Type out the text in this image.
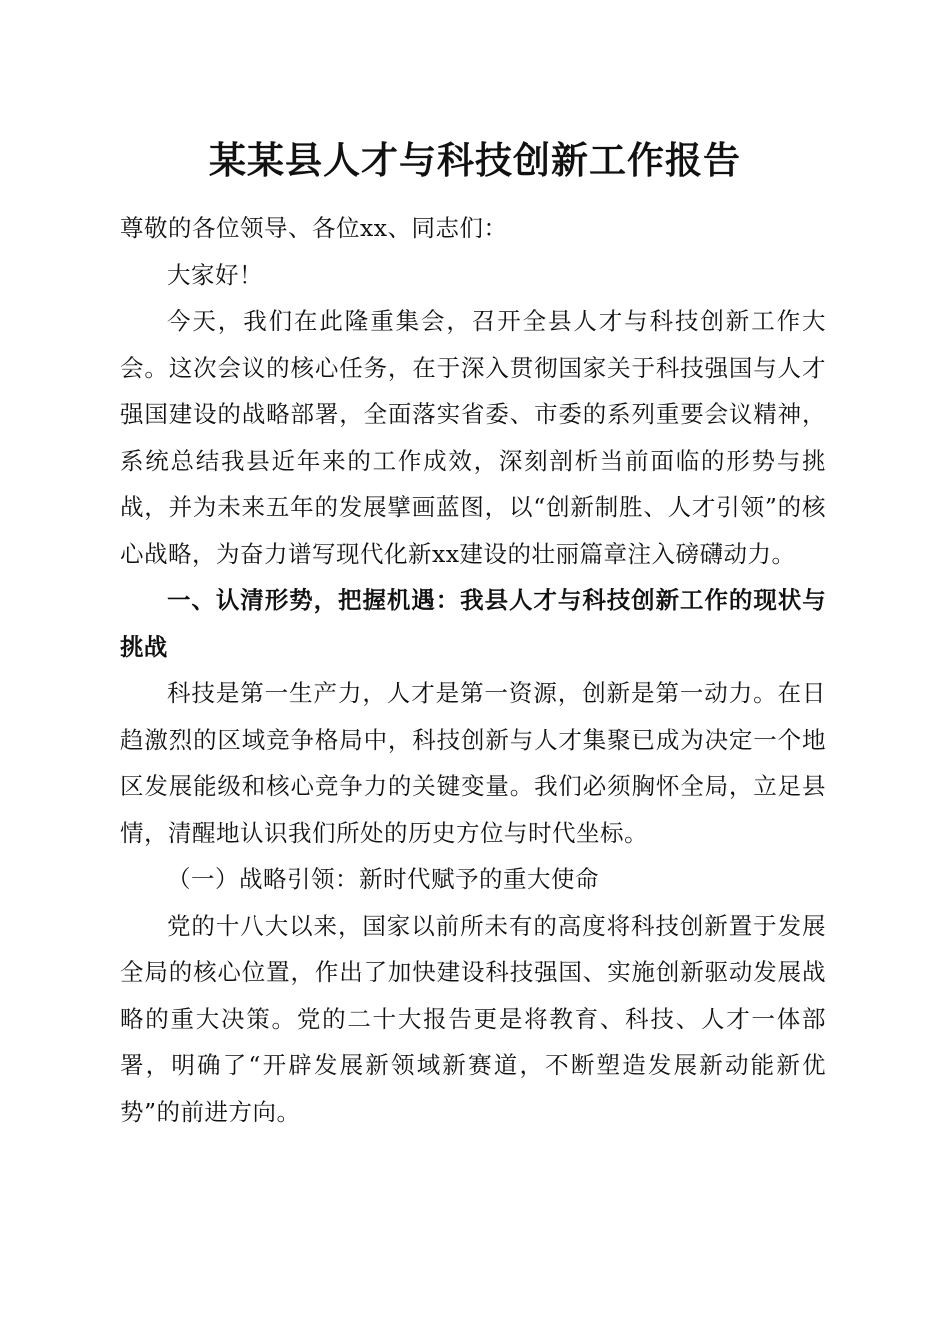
某某县人才与科技创新工作报告

尊敬的各位领导、各位xx、同志们：

大家好！

今天，我们在此隆重集会，召开全县人才与科技创新工作大会。这次会议的核心任务，在于深入贯彻国家关于科技强国与人才强国建设的战略部署，全面落实省委、市委的系列重要会议精神，系统总结我县近年来的工作成效，深刻剖析当前面临的形势与挑战，并为未来五年的发展擘画蓝图，以“创新制胜、人才引领”的核心战略，为奋力谱写现代化新xx建设的壮丽篇章注入磅礴动力。

一、认清形势，把握机遇：我县人才与科技创新工作的现状与挑战

科技是第一生产力，人才是第一资源，创新是第一动力。在日趋激烈的区域竞争格局中，科技创新与人才集聚已成为决定一个地区发展能级和核心竞争力的关键变量。我们必须胸怀全局，立足县情，清醒地认识我们所处的历史方位与时代坐标。

（一）战略引领：新时代赋予的重大使命

党的十八大以来，国家以前所未有的高度将科技创新置于发展全局的核心位置，作出了加快建设科技强国、实施创新驱动发展战略的重大决策。党的二十大报告更是将教育、科技、人才一体部署，明确了“开辟发展新领域新赛道，不断塑造发展新动能新优势”的前进方向。
